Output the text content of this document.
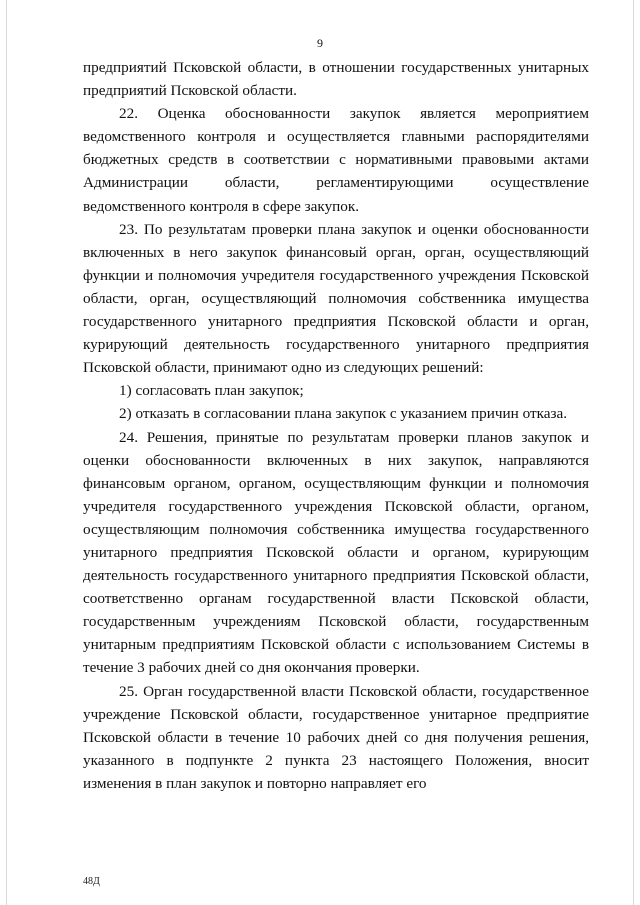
9

предприятий Псковской области, в отношении государственных унитарных предприятий Псковской области.

22. Оценка обоснованности закупок является мероприятием ведомственного контроля и осуществляется главными распорядителями бюджетных средств в соответствии с нормативными правовыми актами Администрации области, регламентирующими осуществление ведомственного контроля в сфере закупок.

23. По результатам проверки плана закупок и оценки обоснованности включенных в него закупок финансовый орган, орган, осуществляющий функции и полномочия учредителя государственного учреждения Псковской области, орган, осуществляющий полномочия собственника имущества государственного унитарного предприятия Псковской области и орган, курирующий деятельность государственного унитарного предприятия Псковской области, принимают одно из следующих решений:

1) согласовать план закупок;

2) отказать в согласовании плана закупок с указанием причин отказа.

24. Решения, принятые по результатам проверки планов закупок и оценки обоснованности включенных в них закупок, направляются финансовым органом, органом, осуществляющим функции и полномочия учредителя государственного учреждения Псковской области, органом, осуществляющим полномочия собственника имущества государственного унитарного предприятия Псковской области и органом, курирующим деятельность государственного унитарного предприятия Псковской области, соответственно органам государственной власти Псковской области, государственным учреждениям Псковской области, государственным унитарным предприятиям Псковской области с использованием Системы в течение 3 рабочих дней со дня окончания проверки.

25. Орган государственной власти Псковской области, государственное учреждение Псковской области, государственное унитарное предприятие Псковской области в течение 10 рабочих дней со дня получения решения, указанного в подпункте 2 пункта 23 настоящего Положения, вносит изменения в план закупок и повторно направляет его

48Д
